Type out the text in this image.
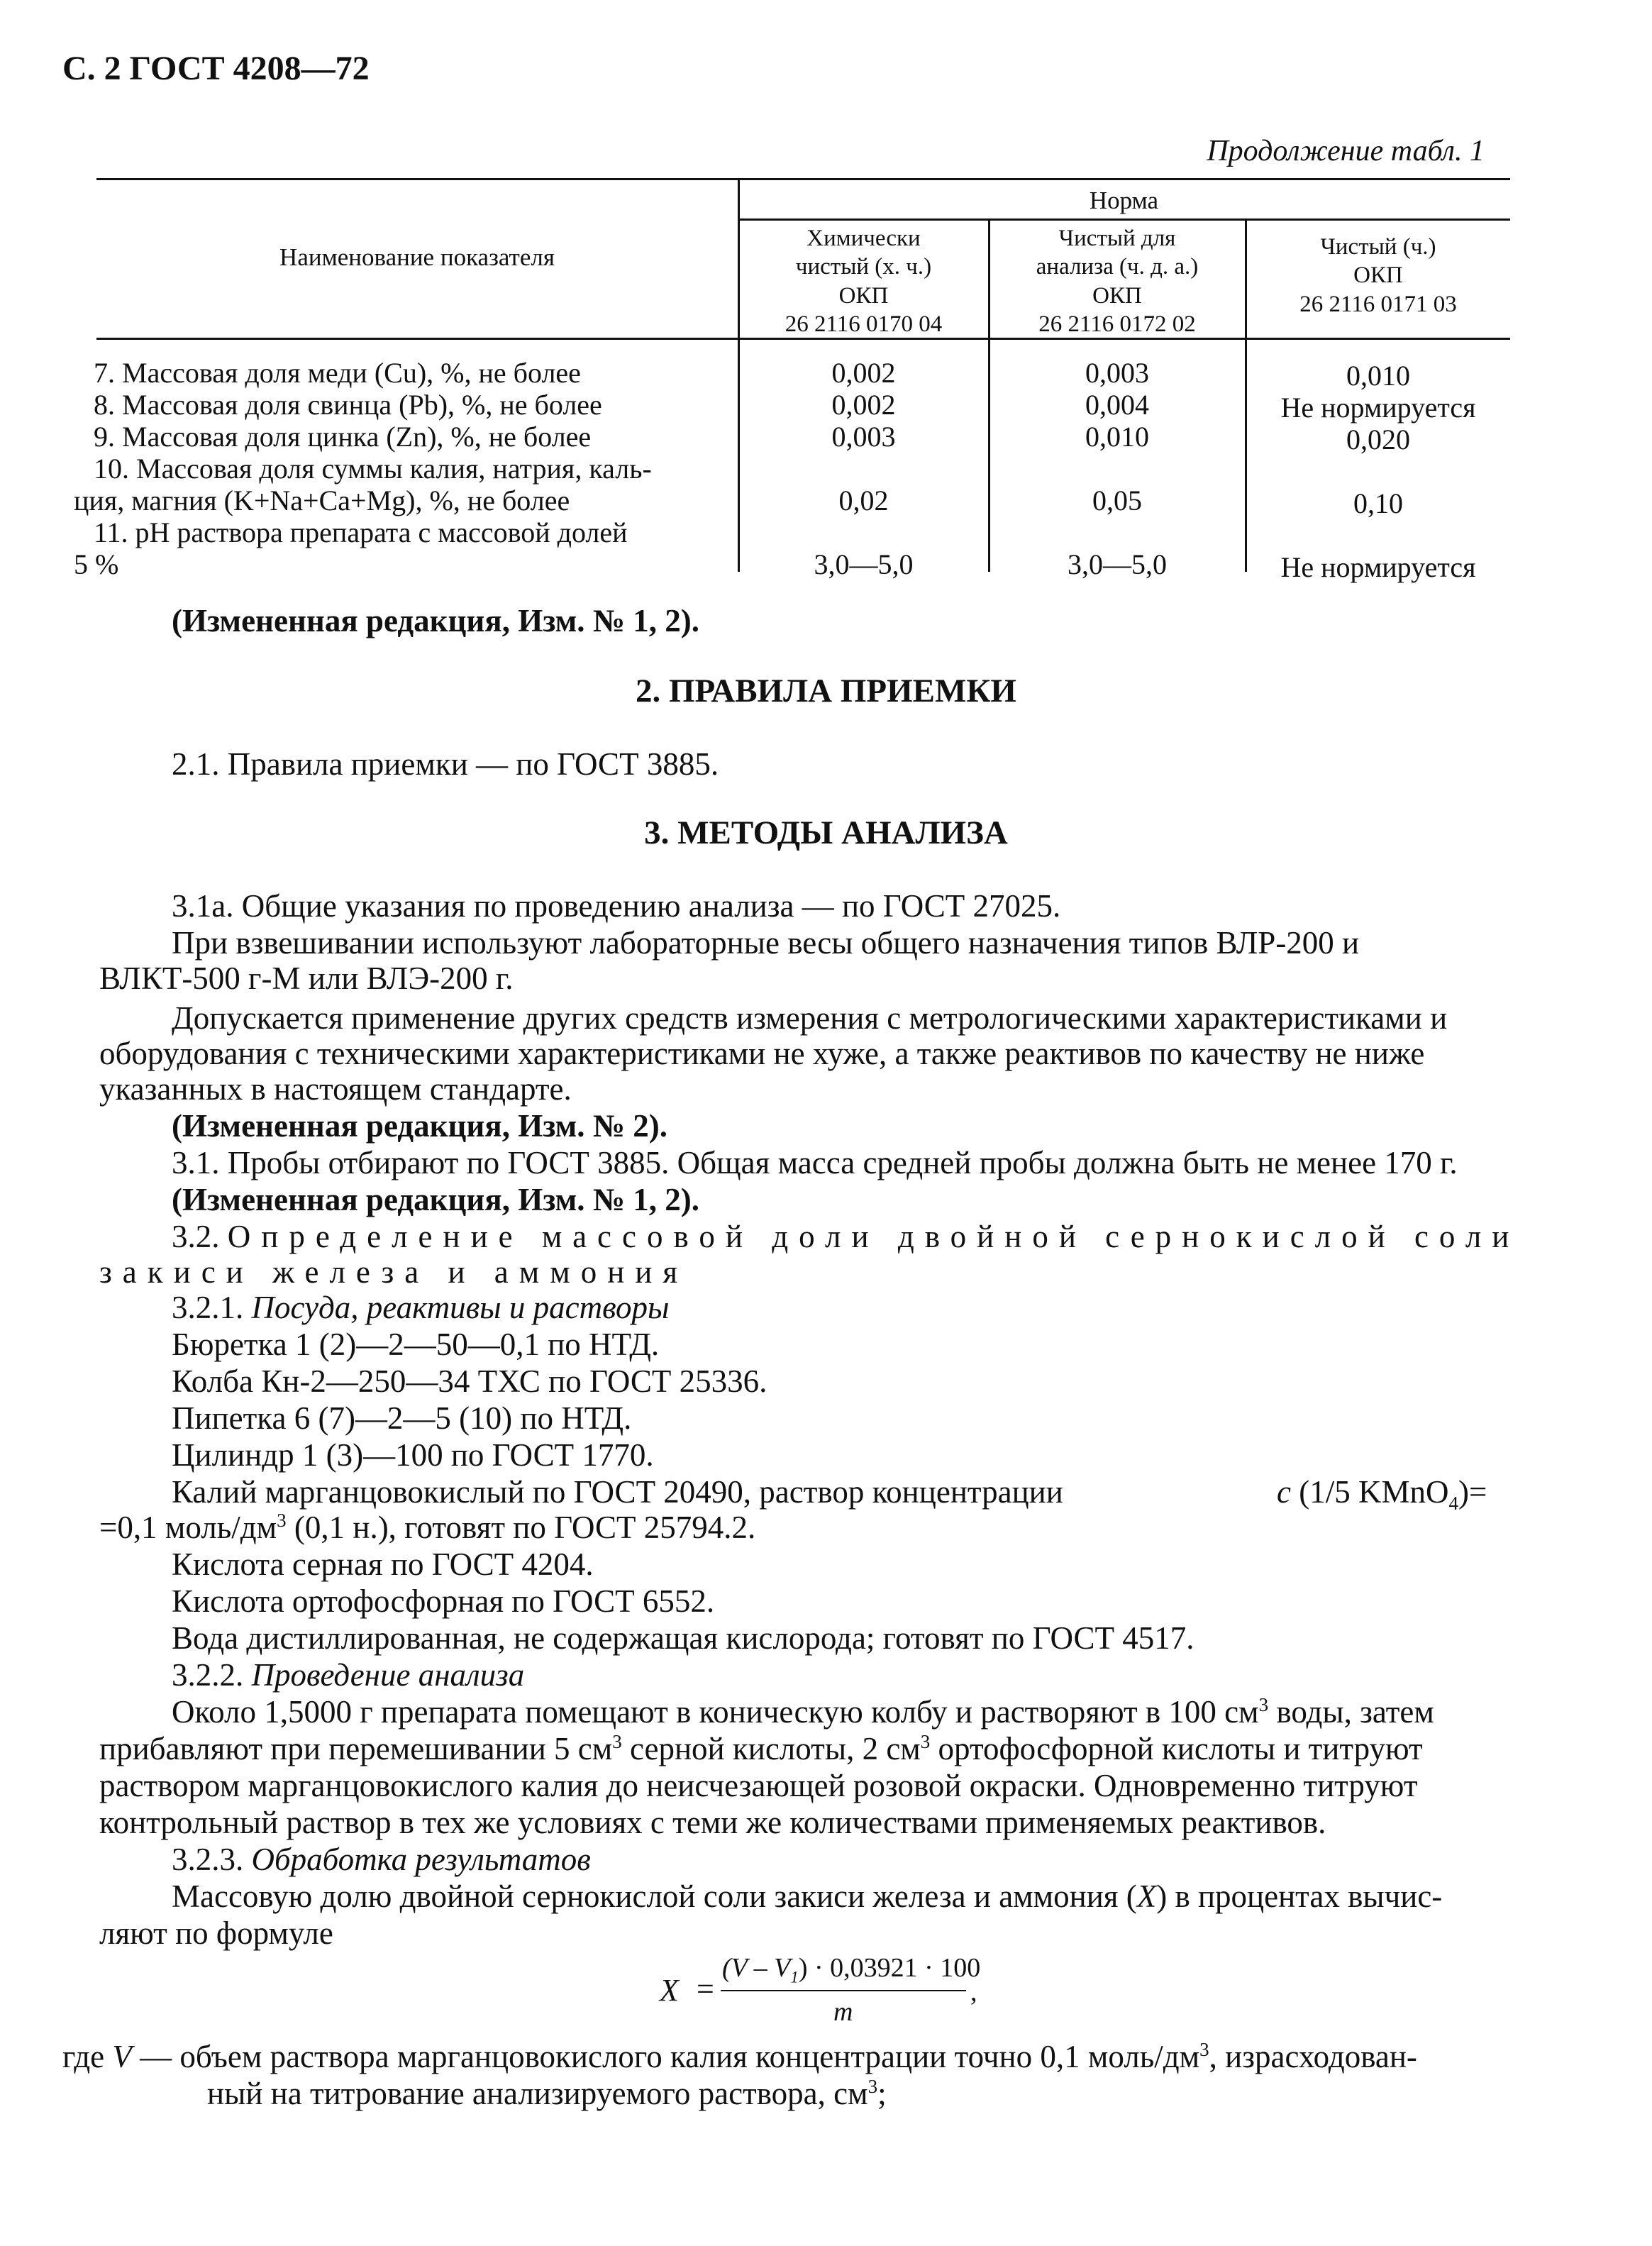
С. 2 ГОСТ 4208—72
Продолжение табл. 1
Наименование показателя
Норма
Химически
чистый (х. ч.)
ОКП
26 2116 0170 04
Чистый для
анализа (ч. д. а.)
ОКП
26 2116 0172 02
Чистый (ч.)
ОКП
26 2116 0171 03
7. Массовая доля меди (Cu), %, не более	0,002	0,003	0,010
8. Массовая доля свинца (Pb), %, не более	0,002	0,004	Не нормируется
9. Массовая доля цинка (Zn), %, не более	0,003	0,010	0,020
10. Массовая доля суммы калия, натрия, каль-
ция, магния (K+Na+Ca+Mg), %, не более	0,02	0,05	0,10
11. pH раствора препарата с массовой долей
5 %	3,0—5,0	3,0—5,0	Не нормируется
(Измененная редакция, Изм. № 1, 2).
2. ПРАВИЛА ПРИЕМКИ
2.1. Правила приемки — по ГОСТ 3885.
3. МЕТОДЫ АНАЛИЗА
3.1а. Общие указания по проведению анализа — по ГОСТ 27025.
При взвешивании используют лабораторные весы общего назначения типов ВЛР-200 и
ВЛКТ-500 г-М или ВЛЭ-200 г.
Допускается применение других средств измерения с метрологическими характеристиками и
оборудования с техническими характеристиками не хуже, а также реактивов по качеству не ниже
указанных в настоящем стандарте.
(Измененная редакция, Изм. № 2).
3.1. Пробы отбирают по ГОСТ 3885. Общая масса средней пробы должна быть не менее 170 г.
(Измененная редакция, Изм. № 1, 2).
3.2. Определение массовой доли двойной сернокислой соли
закиси железа и аммония
3.2.1. Посуда, реактивы и растворы
Бюретка 1 (2)—2—50—0,1 по НТД.
Колба Кн-2—250—34 ТХС по ГОСТ 25336.
Пипетка 6 (7)—2—5 (10) по НТД.
Цилиндр 1 (3)—100 по ГОСТ 1770.
Калий марганцовокислый по ГОСТ 20490, раствор концентрации	c (1/5 KMnO$_4$)=
=0,1 моль/$дм^3$ (0,1 н.), готовят по ГОСТ 25794.2.
Кислота серная по ГОСТ 4204.
Кислота ортофосфорная по ГОСТ 6552.
Вода дистиллированная, не содержащая кислорода; готовят по ГОСТ 4517.
3.2.2. Проведение анализа
Около 1,5000 г препарата помещают в коническую колбу и растворяют в 100 $см^3$ воды, затем
прибавляют при перемешивании 5 $см^3$ серной кислоты, 2 $см^3$ ортофосфорной кислоты и титруют
раствором марганцовокислого калия до неисчезающей розовой окраски. Одновременно титруют
контрольный раствор в тех же условиях с теми же количествами применяемых реактивов.
3.2.3. Обработка результатов
Массовую долю двойной сернокислой соли закиси железа и аммония (X) в процентах вычис-
ляют по формуле
X =
$(V - V_1) \cdot 0,03921 \cdot 100$
m
,
где V — объем раствора марганцовокислого калия концентрации точно 0,1 моль/$дм^3$, израсходован-
ный на титрование анализируемого раствора, $см^3$;
